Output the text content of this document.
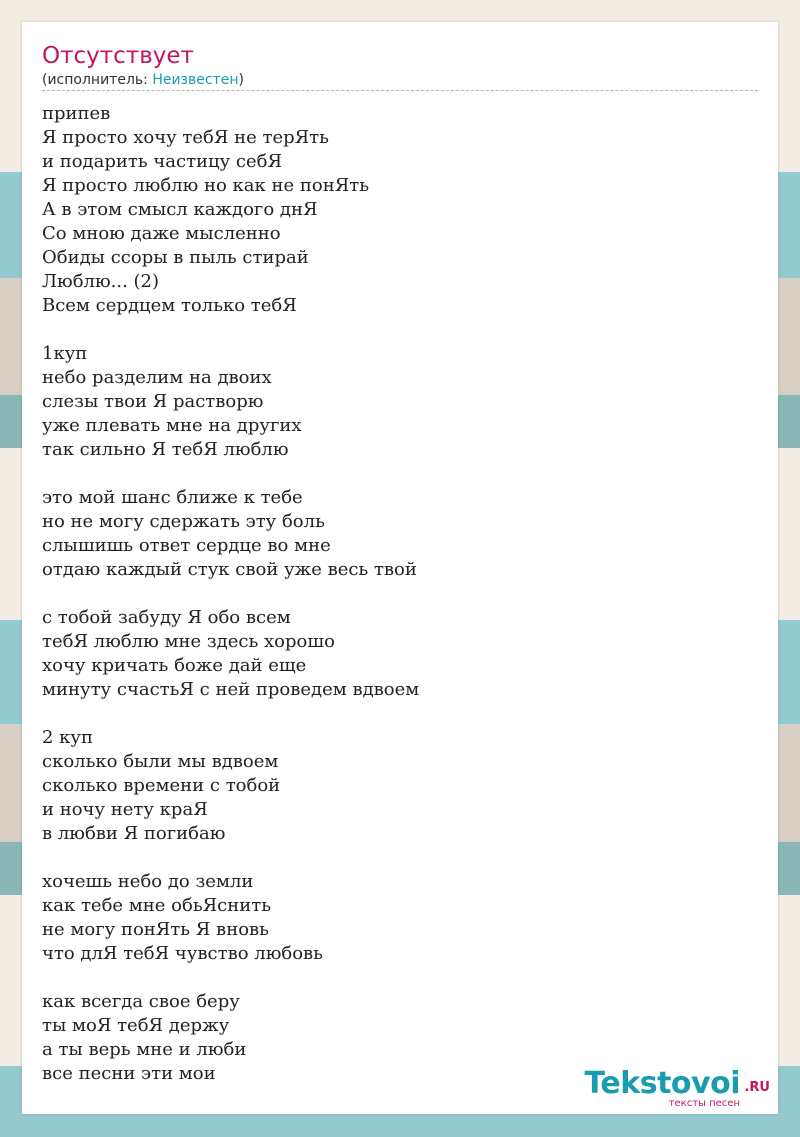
Отсутствует
(исполнитель: Неизвестен)
припев
Я просто хочу тебЯ не терЯть
и подарить частицу себЯ
Я просто люблю но как не понЯть
А в этом смысл каждого днЯ
Со мною даже мысленно
Обиды ссоры в пыль стирай
Люблю... (2)
Всем сердцем только тебЯ

1куп
небо разделим на двоих
слезы твои Я растворю
уже плевать мне на других
так сильно Я тебЯ люблю

это мой шанс ближе к тебе
но не могу сдержать эту боль
слышишь ответ сердце во мне
отдаю каждый стук свой уже весь твой

с тобой забуду Я обо всем
тебЯ люблю мне здесь хорошо
хочу кричать боже дай еще
минуту счастьЯ с ней проведем вдвоем

2 куп
сколько были мы вдвоем
сколько времени с тобой
и ночу нету краЯ
в любви Я погибаю

хочешь небо до земли
как тебе мне обьЯснить
не могу понЯть Я вновь
что длЯ тебЯ чувство любовь

как всегда свое беру
ты моЯ тебЯ держу
а ты верь мне и люби
все песни эти мои	Tekstovoi .RU
тексты песен
